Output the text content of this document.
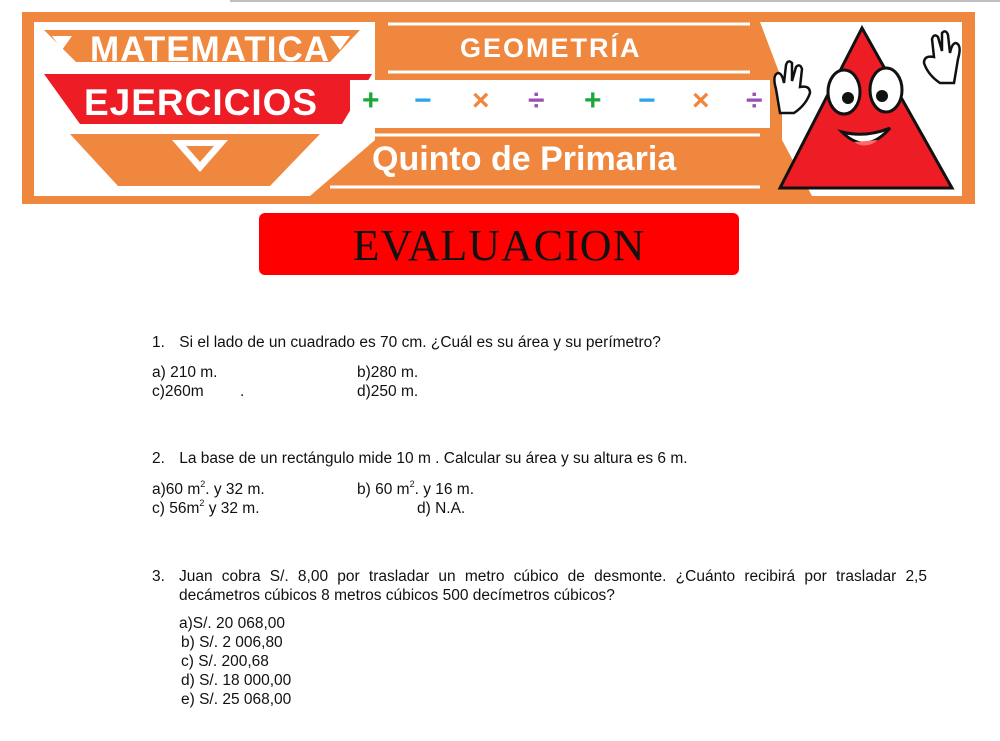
MATEMATICA
EJERCICIOS
GEOMETRÍA
Quinto de Primaria
+ − × ÷ + − × ÷
EVALUACION
1. Si el lado de un cuadrado es 70 cm. ¿Cuál es su área y su perímetro?
a) 210 m.	b)280 m.
c)260m .	d)250 m.
2. La base de un rectángulo mide 10 m . Calcular su área y su altura es 6 m.
a)60 $m^2$. y 32 m.	b) 60 $m^2$. y 16 m.
c) $56m^2$ y 32 m.	d) N.A.
3. Juan cobra S/. 8,00 por trasladar un metro cúbico de desmonte. ¿Cuánto recibirá por trasladar 2,5 decámetros cúbicos 8 metros cúbicos 500 decímetros cúbicos?
a)S/. 20 068,00
b) S/. 2 006,80
c) S/. 200,68
d) S/. 18 000,00
e) S/. 25 068,00
